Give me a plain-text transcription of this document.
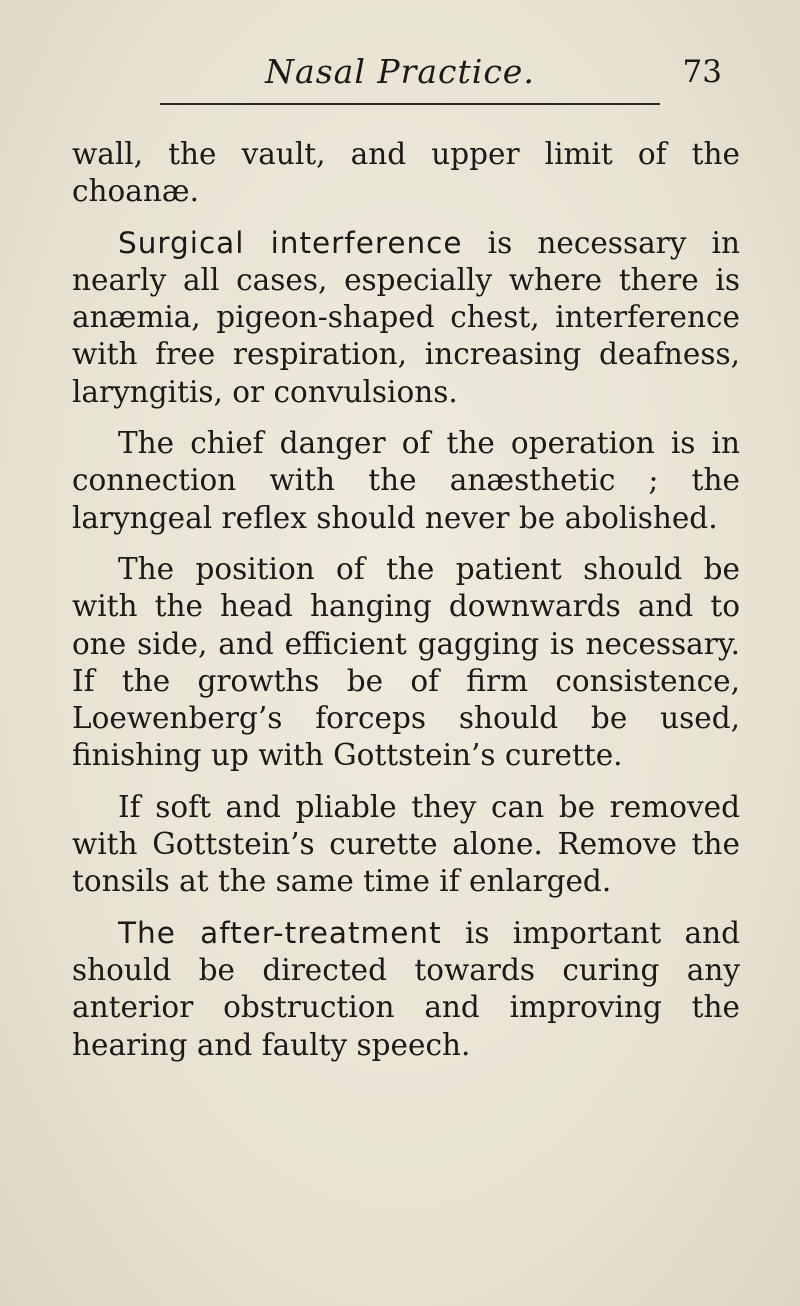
Nasal Practice.	73

wall, the vault, and upper limit of the choanæ.

Surgical interference is necessary in nearly all cases, especially where there is anæmia, pigeon-shaped chest, interference with free respiration, increasing deafness, laryngitis, or convulsions.

The chief danger of the operation is in connection with the anæsthetic ; the laryngeal reflex should never be abolished.

The position of the patient should be with the head hanging downwards and to one side, and efficient gagging is necessary. If the growths be of firm consistence, Loewenberg’s forceps should be used, finishing up with Gottstein’s curette.

If soft and pliable they can be removed with Gottstein’s curette alone. Remove the tonsils at the same time if enlarged.

The after-treatment is important and should be directed towards curing any anterior obstruction and improving the hearing and faulty speech.
